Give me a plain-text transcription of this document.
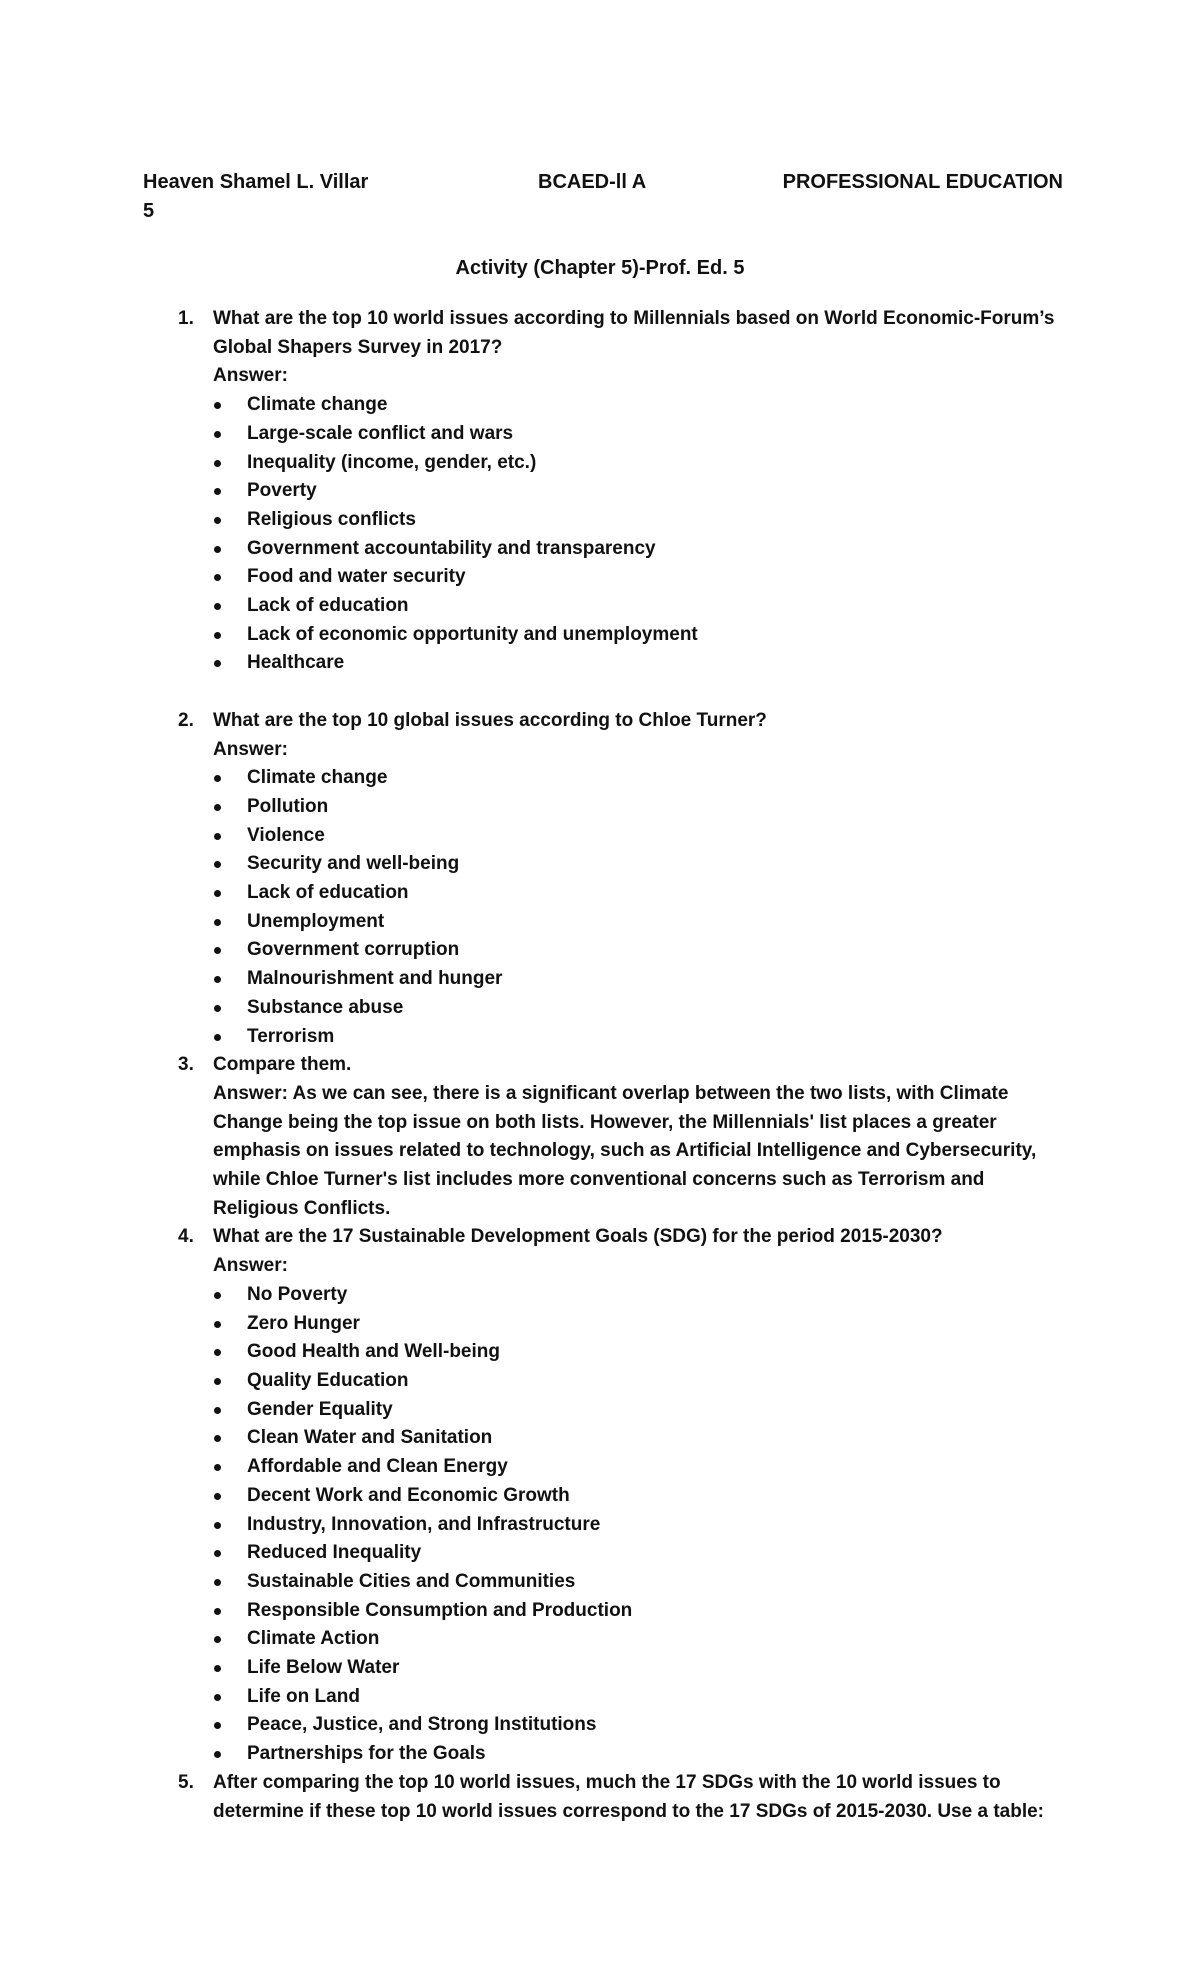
Heaven Shamel L. Villar	BCAED-ll A	PROFESSIONAL EDUCATION
5
Activity (Chapter 5)-Prof. Ed. 5
1. What are the top 10 world issues according to Millennials based on World Economic-Forum’s Global Shapers Survey in 2017?
Answer:
Climate change
Large-scale conflict and wars
Inequality (income, gender, etc.)
Poverty
Religious conflicts
Government accountability and transparency
Food and water security
Lack of education
Lack of economic opportunity and unemployment
Healthcare
2. What are the top 10 global issues according to Chloe Turner?
Answer:
Climate change
Pollution
Violence
Security and well-being
Lack of education
Unemployment
Government corruption
Malnourishment and hunger
Substance abuse
Terrorism
3. Compare them.
Answer: As we can see, there is a significant overlap between the two lists, with Climate Change being the top issue on both lists. However, the Millennials' list places a greater emphasis on issues related to technology, such as Artificial Intelligence and Cybersecurity, while Chloe Turner's list includes more conventional concerns such as Terrorism and Religious Conflicts.
4. What are the 17 Sustainable Development Goals (SDG) for the period 2015-2030?
Answer:
No Poverty
Zero Hunger
Good Health and Well-being
Quality Education
Gender Equality
Clean Water and Sanitation
Affordable and Clean Energy
Decent Work and Economic Growth
Industry, Innovation, and Infrastructure
Reduced Inequality
Sustainable Cities and Communities
Responsible Consumption and Production
Climate Action
Life Below Water
Life on Land
Peace, Justice, and Strong Institutions
Partnerships for the Goals
5. After comparing the top 10 world issues, much the 17 SDGs with the 10 world issues to determine if these top 10 world issues correspond to the 17 SDGs of 2015-2030. Use a table:
